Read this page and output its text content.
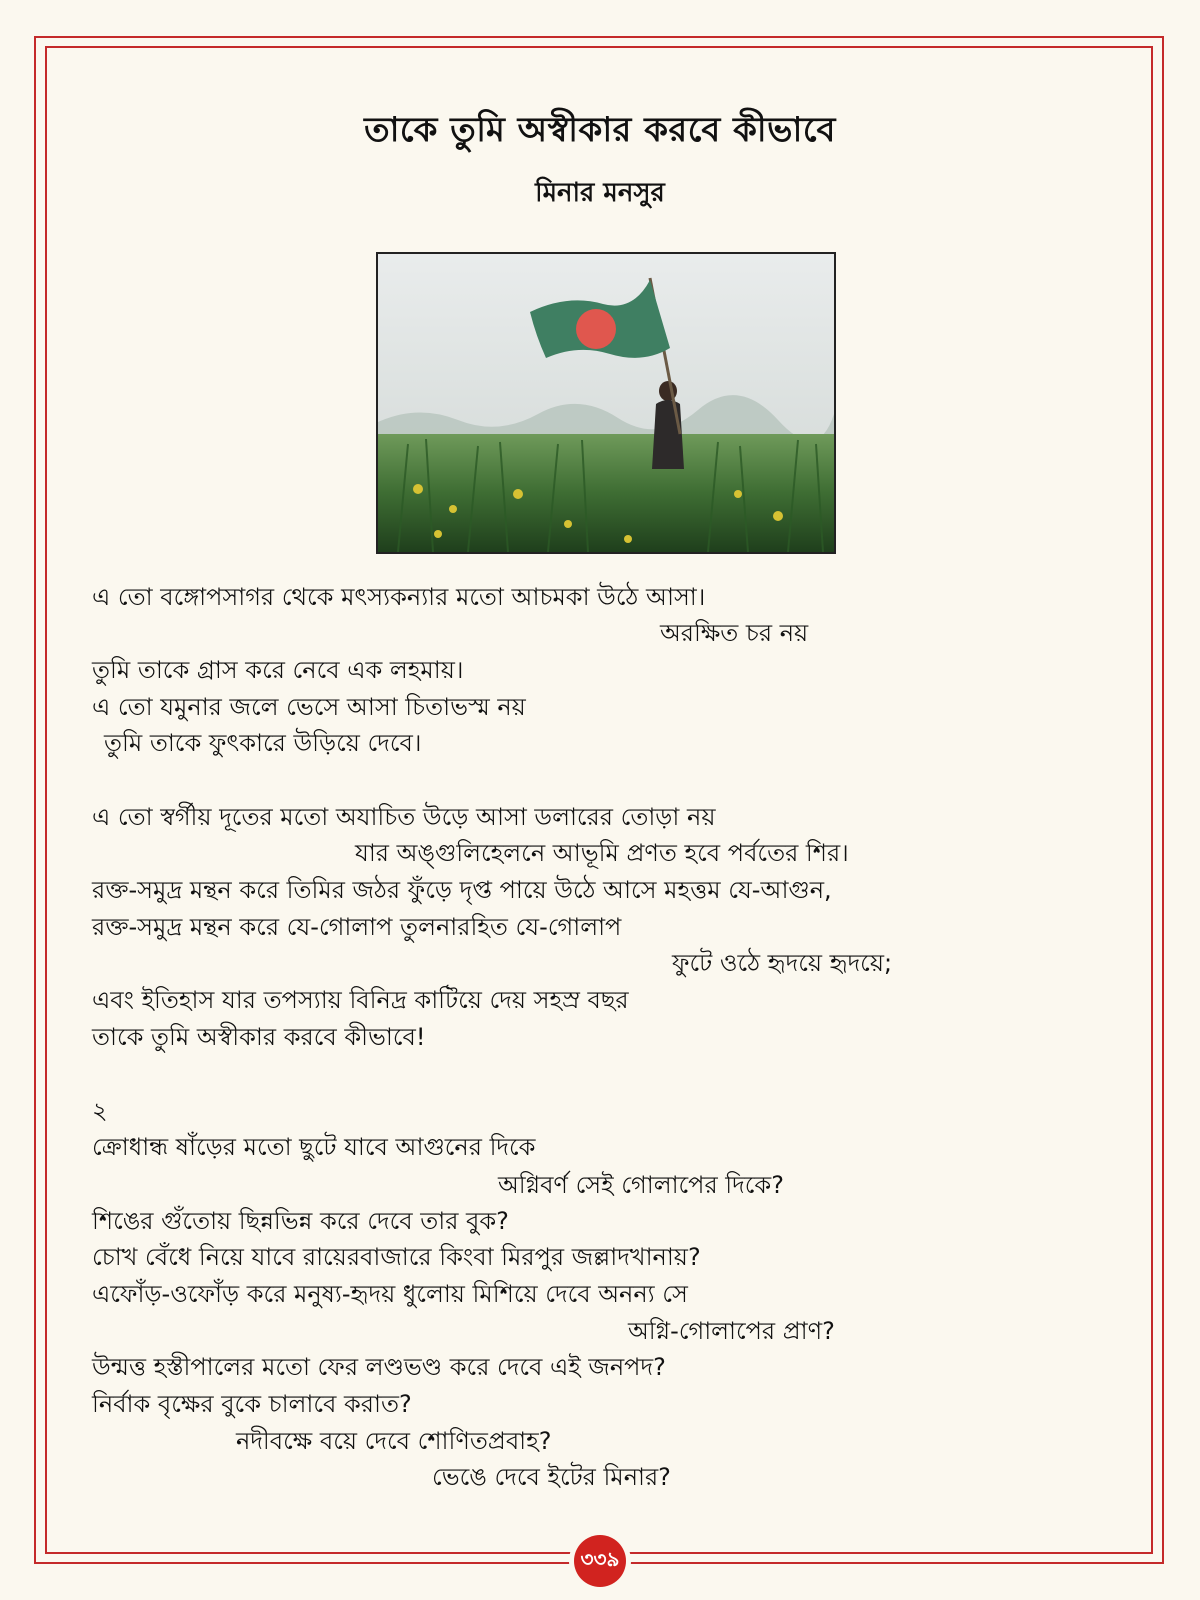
তাকে তুমি অস্বীকার করবে কীভাবে
মিনার মনসুর
এ তো বঙ্গোপসাগর থেকে মৎস্যকন্যার মতো আচমকা উঠে আসা।
অরক্ষিত চর নয়
তুমি তাকে গ্রাস করে নেবে এক লহমায়।
এ তো যমুনার জলে ভেসে আসা চিতাভস্ম নয়
তুমি তাকে ফুৎকারে উড়িয়ে দেবে।
এ তো স্বর্গীয় দূতের মতো অযাচিত উড়ে আসা ডলারের তোড়া নয়
যার অঙ্গুলিহেলনে আভূমি প্রণত হবে পর্বতের শির।
রক্ত-সমুদ্র মন্থন করে তিমির জঠর ফুঁড়ে দৃপ্ত পায়ে উঠে আসে মহত্তম যে-আগুন,
রক্ত-সমুদ্র মন্থন করে যে-গোলাপ তুলনারহিত যে-গোলাপ
ফুটে ওঠে হৃদয়ে হৃদয়ে;
এবং ইতিহাস যার তপস্যায় বিনিদ্র কাটিয়ে দেয় সহস্র বছর
তাকে তুমি অস্বীকার করবে কীভাবে!
২
ক্রোধান্ধ ষাঁড়ের মতো ছুটে যাবে আগুনের দিকে
অগ্নিবর্ণ সেই গোলাপের দিকে?
শিঙের গুঁতোয় ছিন্নভিন্ন করে দেবে তার বুক?
চোখ বেঁধে নিয়ে যাবে রায়েরবাজারে কিংবা মিরপুর জল্লাদখানায়?
এফোঁড়-ওফোঁড় করে মনুষ্য-হৃদয় ধুলোয় মিশিয়ে দেবে অনন্য সে
অগ্নি-গোলাপের প্রাণ?
উন্মত্ত হস্তীপালের মতো ফের লণ্ডভণ্ড করে দেবে এই জনপদ?
নির্বাক বৃক্ষের বুকে চালাবে করাত?
নদীবক্ষে বয়ে দেবে শোণিতপ্রবাহ?
ভেঙে দেবে ইটের মিনার?
৩৩৯
